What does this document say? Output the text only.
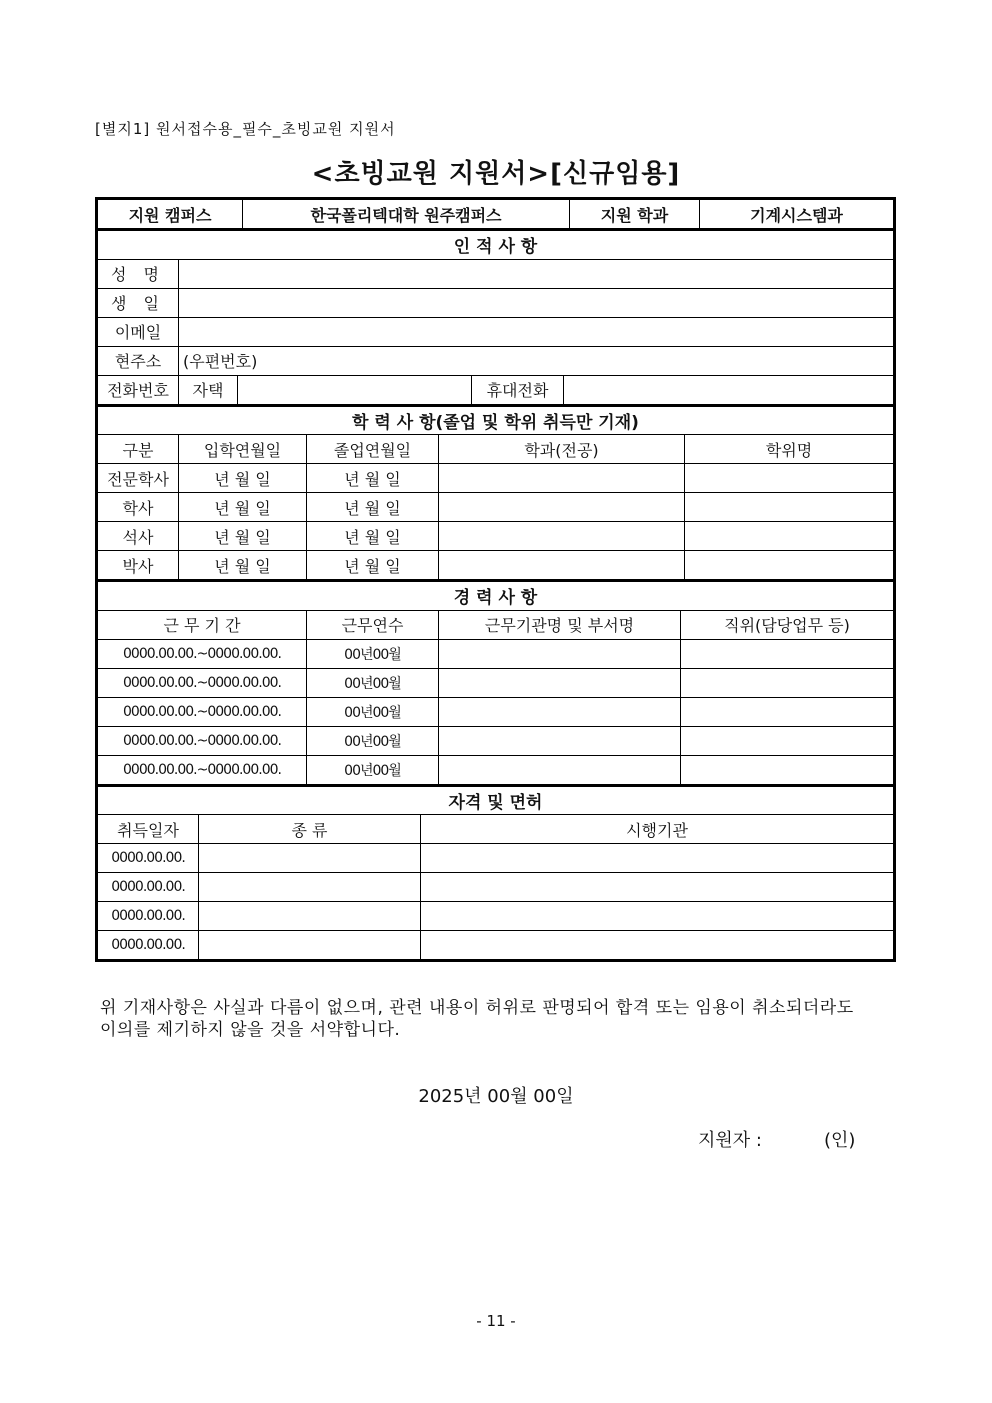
[별지1] 원서접수용_필수_초빙교원 지원서
<초빙교원 지원서>[신규임용]
지원 캠퍼스	한국폴리텍대학 원주캠퍼스	지원 학과	기계시스템과
인 적 사 항				
성 명				
생 일				
이메일				
현주소	(우편번호)			
전화번호	자택		휴대전화	
학 력 사 항(졸업 및 학위 취득만 기재)				
구분	입학연월일	졸업연월일	학과(전공)	학위명
전문학사	년 월 일	년 월 일		
학사	년 월 일	년 월 일		
석사	년 월 일	년 월 일		
박사	년 월 일	년 월 일		
경 력 사 항			
근 무 기 간	근무연수	근무기관명 및 부서명	직위(담당업무 등)
0000.00.00.~0000.00.00.	00년00월		
0000.00.00.~0000.00.00.	00년00월		
0000.00.00.~0000.00.00.	00년00월		
0000.00.00.~0000.00.00.	00년00월		
0000.00.00.~0000.00.00.	00년00월		
자격 및 면허		
취득일자	종 류	시행기관
0000.00.00.		
0000.00.00.		
0000.00.00.		
0000.00.00.		
위 기재사항은 사실과 다름이 없으며, 관련 내용이 허위로 판명되어 합격 또는 임용이 취소되더라도
이의를 제기하지 않을 것을 서약합니다.
2025년 00월 00일
지원자 :	(인)
- 11 -
